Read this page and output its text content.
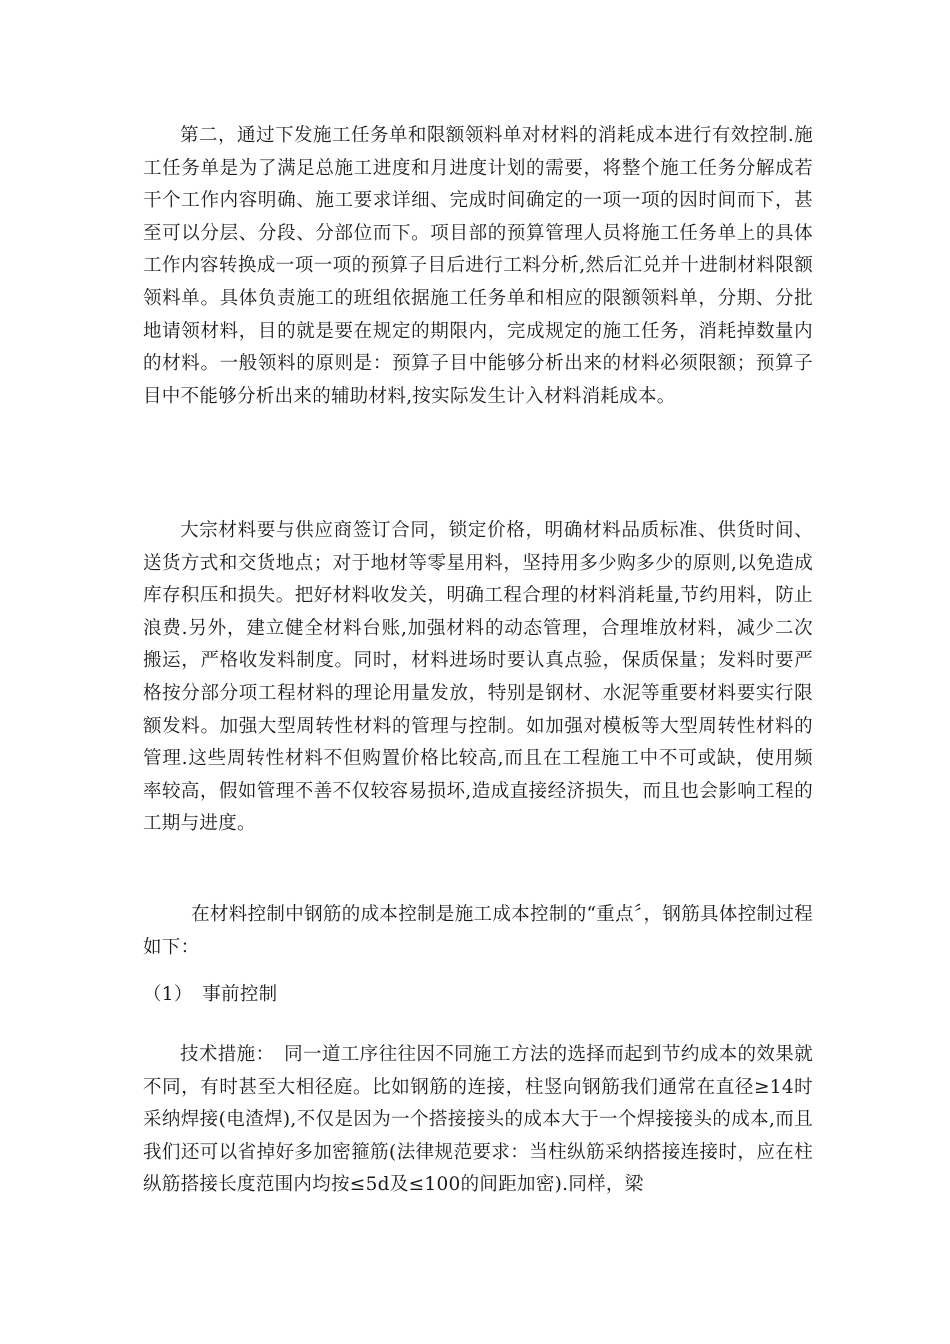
第二，通过下发施工任务单和限额领料单对材料的消耗成本进行有效控制.施工任务单是为了满足总施工进度和月进度计划的需要，将整个施工任务分解成若干个工作内容明确、施工要求详细、完成时间确定的一项一项的因时间而下，甚至可以分层、分段、分部位而下。项目部的预算管理人员将施工任务单上的具体工作内容转换成一项一项的预算子目后进行工料分析,然后汇兑并十进制材料限额领料单。具体负责施工的班组依据施工任务单和相应的限额领料单，分期、分批地请领材料，目的就是要在规定的期限内，完成规定的施工任务，消耗掉数量内的材料。一般领料的原则是：预算子目中能够分析出来的材料必须限额；预算子目中不能够分析出来的辅助材料,按实际发生计入材料消耗成本。

大宗材料要与供应商签订合同，锁定价格，明确材料品质标准、供货时间、送货方式和交货地点；对于地材等零星用料，坚持用多少购多少的原则,以免造成库存积压和损失。把好材料收发关，明确工程合理的材料消耗量,节约用料，防止浪费.另外，建立健全材料台账,加强材料的动态管理，合理堆放材料，减少二次搬运，严格收发料制度。同时，材料进场时要认真点验，保质保量；发料时要严格按分部分项工程材料的理论用量发放，特别是钢材、水泥等重要材料要实行限额发料。加强大型周转性材料的管理与控制。如加强对模板等大型周转性材料的管理.这些周转性材料不但购置价格比较高,而且在工程施工中不可或缺，使用频率较高，假如管理不善不仅较容易损坏,造成直接经济损失，而且也会影响工程的工期与进度。

在材料控制中钢筋的成本控制是施工成本控制的“重点〞，钢筋具体控制过程如下：

（1）　事前控制

技术措施：　同一道工序往往因不同施工方法的选择而起到节约成本的效果就不同，有时甚至大相径庭。比如钢筋的连接，柱竖向钢筋我们通常在直径≥14时采纳焊接(电渣焊),不仅是因为一个搭接接头的成本大于一个焊接接头的成本,而且我们还可以省掉好多加密箍筋(法律规范要求：当柱纵筋采纳搭接连接时，应在柱纵筋搭接长度范围内均按≤5d及≤100的间距加密).同样，梁
